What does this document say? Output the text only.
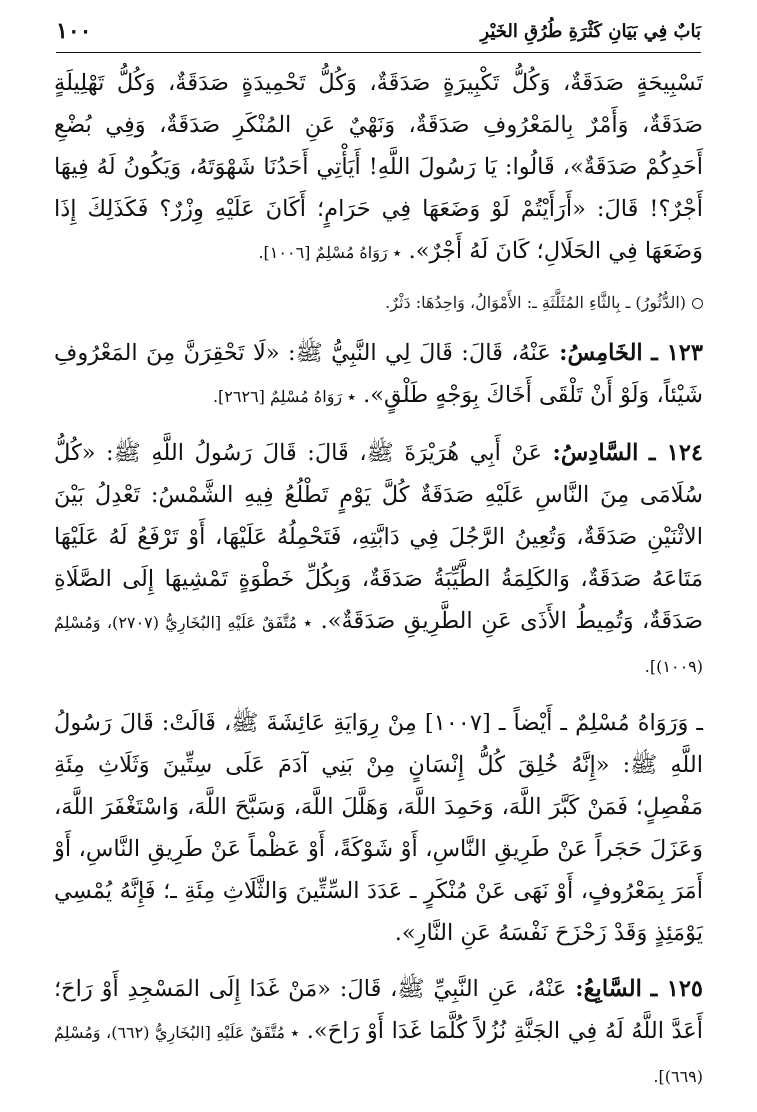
بَابٌ فِي بَيَانِ كَثْرَةِ طُرُقِ الخَيْرِ
١٠٠

تَسْبِيحَةٍ صَدَقَةٌ، وَكُلُّ تَكْبِيرَةٍ صَدَقَةٌ، وَكُلُّ تَحْمِيدَةٍ صَدَقَةٌ، وَكُلُّ تَهْلِيلَةٍ صَدَقَةٌ، وَأَمْرٌ بِالمَعْرُوفِ صَدَقَةٌ، وَنَهْيٌ عَنِ المُنْكَرِ صَدَقَةٌ، وَفِي بُضْعِ أَحَدِكُمْ صَدَقَةٌ»، قَالُوا: يَا رَسُولَ اللَّهِ! أَيَأْتِي أَحَدُنَا شَهْوَتَهُ، وَيَكُونُ لَهُ فِيهَا أَجْرٌ؟! قَالَ: «أَرَأَيْتُمْ لَوْ وَضَعَهَا فِي حَرَامٍ؛ أَكَانَ عَلَيْهِ وِزْرٌ؟ فَكَذَلِكَ إِذَا وَضَعَهَا فِي الحَلَالِ؛ كَانَ لَهُ أَجْرٌ». ٭ رَوَاهُ مُسْلِمٌ [١٠٠٦].

(الدُّثُورُ) ـ بِالثَّاءِ المُثَلَّثَةِ ـ: الأَمْوَالُ، وَاحِدُهَا: دَثْرٌ.

١٢٣ ـ الخَامِسُ: عَنْهُ، قَالَ: قَالَ لِي النَّبِيُّ ﷺ: «لَا تَحْقِرَنَّ مِنَ المَعْرُوفِ شَيْئاً، وَلَوْ أَنْ تَلْقَى أَخَاكَ بِوَجْهٍ طَلْقٍ». ٭ رَوَاهُ مُسْلِمٌ [٢٦٢٦].

١٢٤ ـ السَّادِسُ: عَنْ أَبِي هُرَيْرَةَ ﷺ، قَالَ: قَالَ رَسُولُ اللَّهِ ﷺ: «كُلُّ سُلَامَى مِنَ النَّاسِ عَلَيْهِ صَدَقَةٌ كُلَّ يَوْمٍ تَطْلُعُ فِيهِ الشَّمْسُ: تَعْدِلُ بَيْنَ الاثْنَيْنِ صَدَقَةٌ، وَتُعِينُ الرَّجُلَ فِي دَابَّتِهِ، فَتَحْمِلُهُ عَلَيْهَا، أَوْ تَرْفَعُ لَهُ عَلَيْهَا مَتَاعَهُ صَدَقَةٌ، وَالكَلِمَةُ الطَّيِّبَةُ صَدَقَةٌ، وَبِكُلِّ خَطْوَةٍ تَمْشِيهَا إِلَى الصَّلَاةِ صَدَقَةٌ، وَتُمِيطُ الأَذَى عَنِ الطَّرِيقِ صَدَقَةٌ». ٭ مُتَّفَقٌ عَلَيْهِ [البُخَارِيُّ (٢٧٠٧)، وَمُسْلِمٌ (١٠٠٩)].

ـ وَرَوَاهُ مُسْلِمٌ ـ أَيْضاً ـ [١٠٠٧] مِنْ رِوَايَةِ عَائِشَةَ ﷺ، قَالَتْ: قَالَ رَسُولُ اللَّهِ ﷺ: «إِنَّهُ خُلِقَ كُلُّ إِنْسَانٍ مِنْ بَنِي آدَمَ عَلَى سِتِّينَ وَثَلَاثِ مِئَةِ مَفْصِلٍ؛ فَمَنْ كَبَّرَ اللَّهَ، وَحَمِدَ اللَّهَ، وَهَلَّلَ اللَّهَ، وَسَبَّحَ اللَّهَ، وَاسْتَغْفَرَ اللَّهَ، وَعَزَلَ حَجَراً عَنْ طَرِيقِ النَّاسِ، أَوْ شَوْكَةً، أَوْ عَظْماً عَنْ طَرِيقِ النَّاسِ، أَوْ أَمَرَ بِمَعْرُوفٍ، أَوْ نَهَى عَنْ مُنْكَرٍ ـ عَدَدَ السِّتِّينَ وَالثَّلَاثِ مِئَةِ ـ؛ فَإِنَّهُ يُمْسِي يَوْمَئِذٍ وَقَدْ زَحْزَحَ نَفْسَهُ عَنِ النَّارِ».

١٢٥ ـ السَّابِعُ: عَنْهُ، عَنِ النَّبِيِّ ﷺ، قَالَ: «مَنْ غَدَا إِلَى المَسْجِدِ أَوْ رَاحَ؛ أَعَدَّ اللَّهُ لَهُ فِي الجَنَّةِ نُزُلاً كُلَّمَا غَدَا أَوْ رَاحَ». ٭ مُتَّفَقٌ عَلَيْهِ [البُخَارِيُّ (٦٦٢)، وَمُسْلِمٌ (٦٦٩)].
